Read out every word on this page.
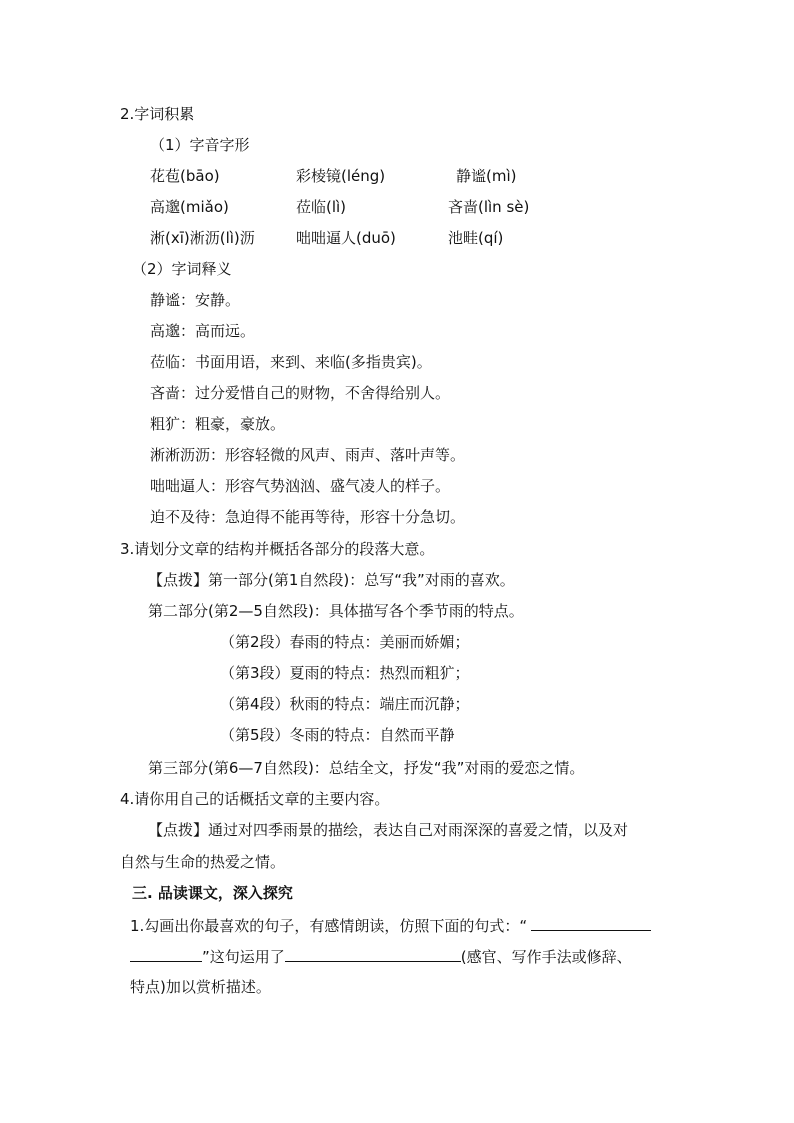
2.字词积累
（1）字音字形
花苞(bāo)	彩棱镜(léng)	静谧(mì)
高邈(miǎo)	莅临(lì)	吝啬(lìn sè)
淅(xī)淅沥(lì)沥	咄咄逼人(duō)	池畦(qí)
（2）字词释义
静谧：安静。
高邈：高而远。
莅临：书面用语，来到、来临(多指贵宾)。
吝啬：过分爱惜自己的财物，不舍得给别人。
粗犷：粗豪，豪放。
淅淅沥沥：形容轻微的风声、雨声、落叶声等。
咄咄逼人：形容气势汹汹、盛气凌人的样子。
迫不及待：急迫得不能再等待，形容十分急切。
3.请划分文章的结构并概括各部分的段落大意。
【点拨】第一部分(第1自然段)：总写“我”对雨的喜欢。
第二部分(第2—5自然段)：具体描写各个季节雨的特点。
（第2段）春雨的特点：美丽而娇媚；
（第3段）夏雨的特点：热烈而粗犷；
（第4段）秋雨的特点：端庄而沉静；
（第5段）冬雨的特点：自然而平静
第三部分(第6—7自然段)：总结全文，抒发“我”对雨的爱恋之情。
4.请你用自己的话概括文章的主要内容。
【点拨】通过对四季雨景的描绘，表达自己对雨深深的喜爱之情，以及对
自然与生命的热爱之情。
三. 品读课文，深入探究
1.勾画出你最喜欢的句子，有感情朗读，仿照下面的句式：“
”这句运用了	(感官、写作手法或修辞、
特点)加以赏析描述。
